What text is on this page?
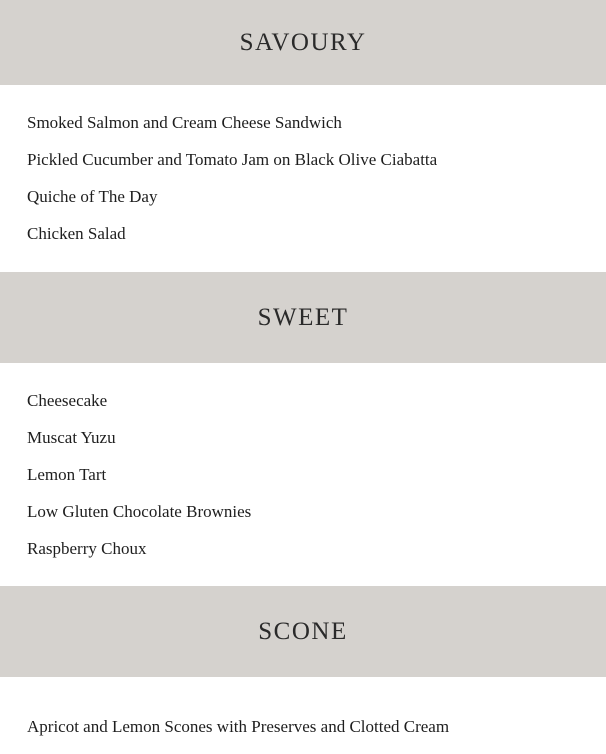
SAVOURY
Smoked Salmon and Cream Cheese Sandwich
Pickled Cucumber and Tomato Jam on Black Olive Ciabatta
Quiche of The Day
Chicken Salad
SWEET
Cheesecake
Muscat Yuzu
Lemon Tart
Low Gluten Chocolate Brownies
Raspberry Choux
SCONE
Apricot and Lemon Scones with Preserves and Clotted Cream
